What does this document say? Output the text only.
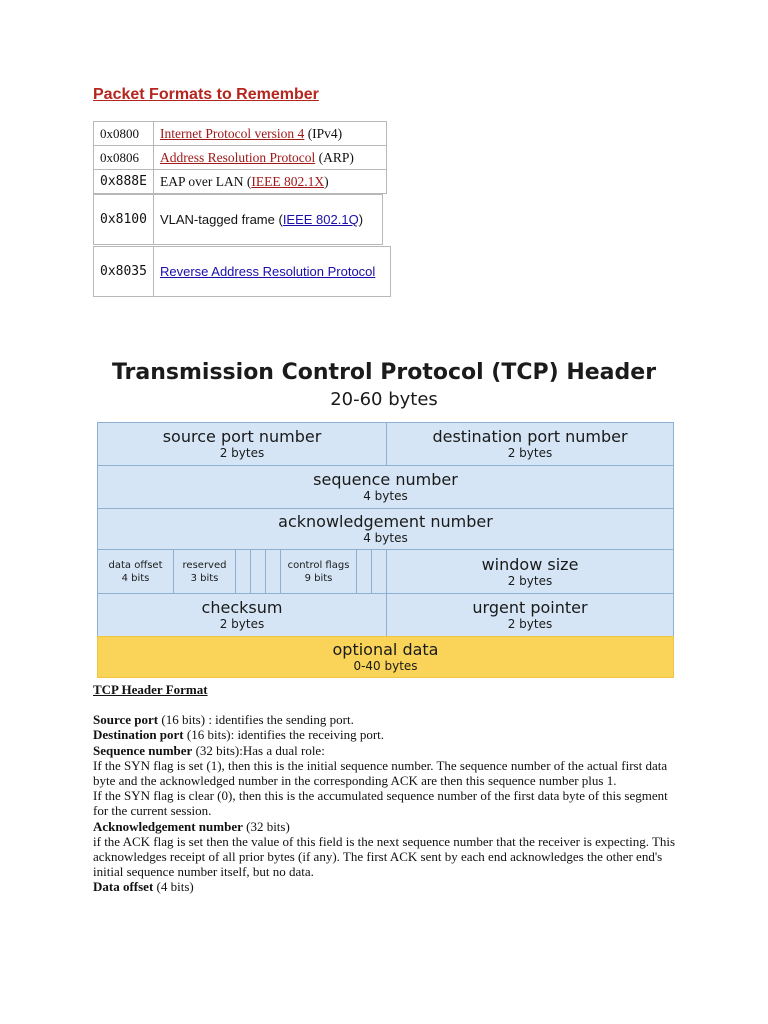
Packet Formats to Remember
0x0800	Internet Protocol version 4 (IPv4)
0x0806	Address Resolution Protocol (ARP)
0x888E	EAP over LAN (IEEE 802.1X)
0x8100	VLAN-tagged frame (IEEE 802.1Q)
0x8035	Reverse Address Resolution Protocol
Transmission Control Protocol (TCP) Header
20-60 bytes
source port number
2 bytes
destination port number
2 bytes
sequence number
4 bytes
acknowledgement number
4 bytes
data offset
4 bits
reserved
3 bits
control flags
9 bits
window size
2 bytes
checksum
2 bytes
urgent pointer
2 bytes
optional data
0-40 bytes

TCP Header Format

Source port (16 bits) : identifies the sending port.

Destination port (16 bits): identifies the receiving port.

Sequence number (32 bits):Has a dual role:

If the SYN flag is set (1), then this is the initial sequence number. The sequence number of the actual first data byte and the acknowledged number in the corresponding ACK are then this sequence number plus 1.

If the SYN flag is clear (0), then this is the accumulated sequence number of the first data byte of this segment for the current session.

Acknowledgement number (32 bits)

if the ACK flag is set then the value of this field is the next sequence number that the receiver is expecting. This acknowledges receipt of all prior bytes (if any). The first ACK sent by each end acknowledges the other end's initial sequence number itself, but no data.

Data offset (4 bits)
